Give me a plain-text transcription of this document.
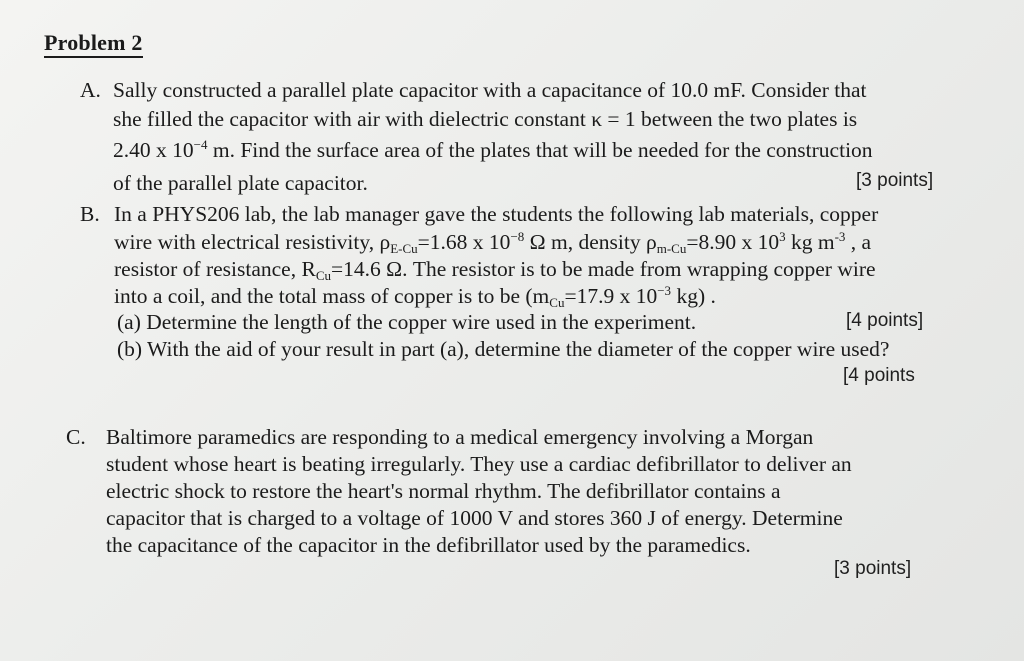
Problem 2
A. Sally constructed a parallel plate capacitor with a capacitance of 10.0 mF. Consider that
she filled the capacitor with air with dielectric constant κ = 1 between the two plates is
2.40 x $10^{-4}$ m. Find the surface area of the plates that will be needed for the construction
of the parallel plate capacitor.	[3 points]
B. In a PHYS206 lab, the lab manager gave the students the following lab materials, copper
wire with electrical resistivity, $\rho_{E-Cu}=1.68$ x $10^{-8}$ Ω m, density $\rho_{m-Cu}=8.90$ x $10^3$ kg $m^{-3}$ , a
resistor of resistance, $R_{Cu}=14.6$ Ω. The resistor is to be made from wrapping copper wire
into a coil, and the total mass of copper is to be ($m_{Cu}=17.9$ x $10^{-3}$ kg) .
(a) Determine the length of the copper wire used in the experiment.	[4 points]
(b) With the aid of your result in part (a), determine the diameter of the copper wire used?
[4 points
C. Baltimore paramedics are responding to a medical emergency involving a Morgan
student whose heart is beating irregularly. They use a cardiac defibrillator to deliver an
electric shock to restore the heart's normal rhythm. The defibrillator contains a
capacitor that is charged to a voltage of 1000 V and stores 360 J of energy. Determine
the capacitance of the capacitor in the defibrillator used by the paramedics.
[3 points]
